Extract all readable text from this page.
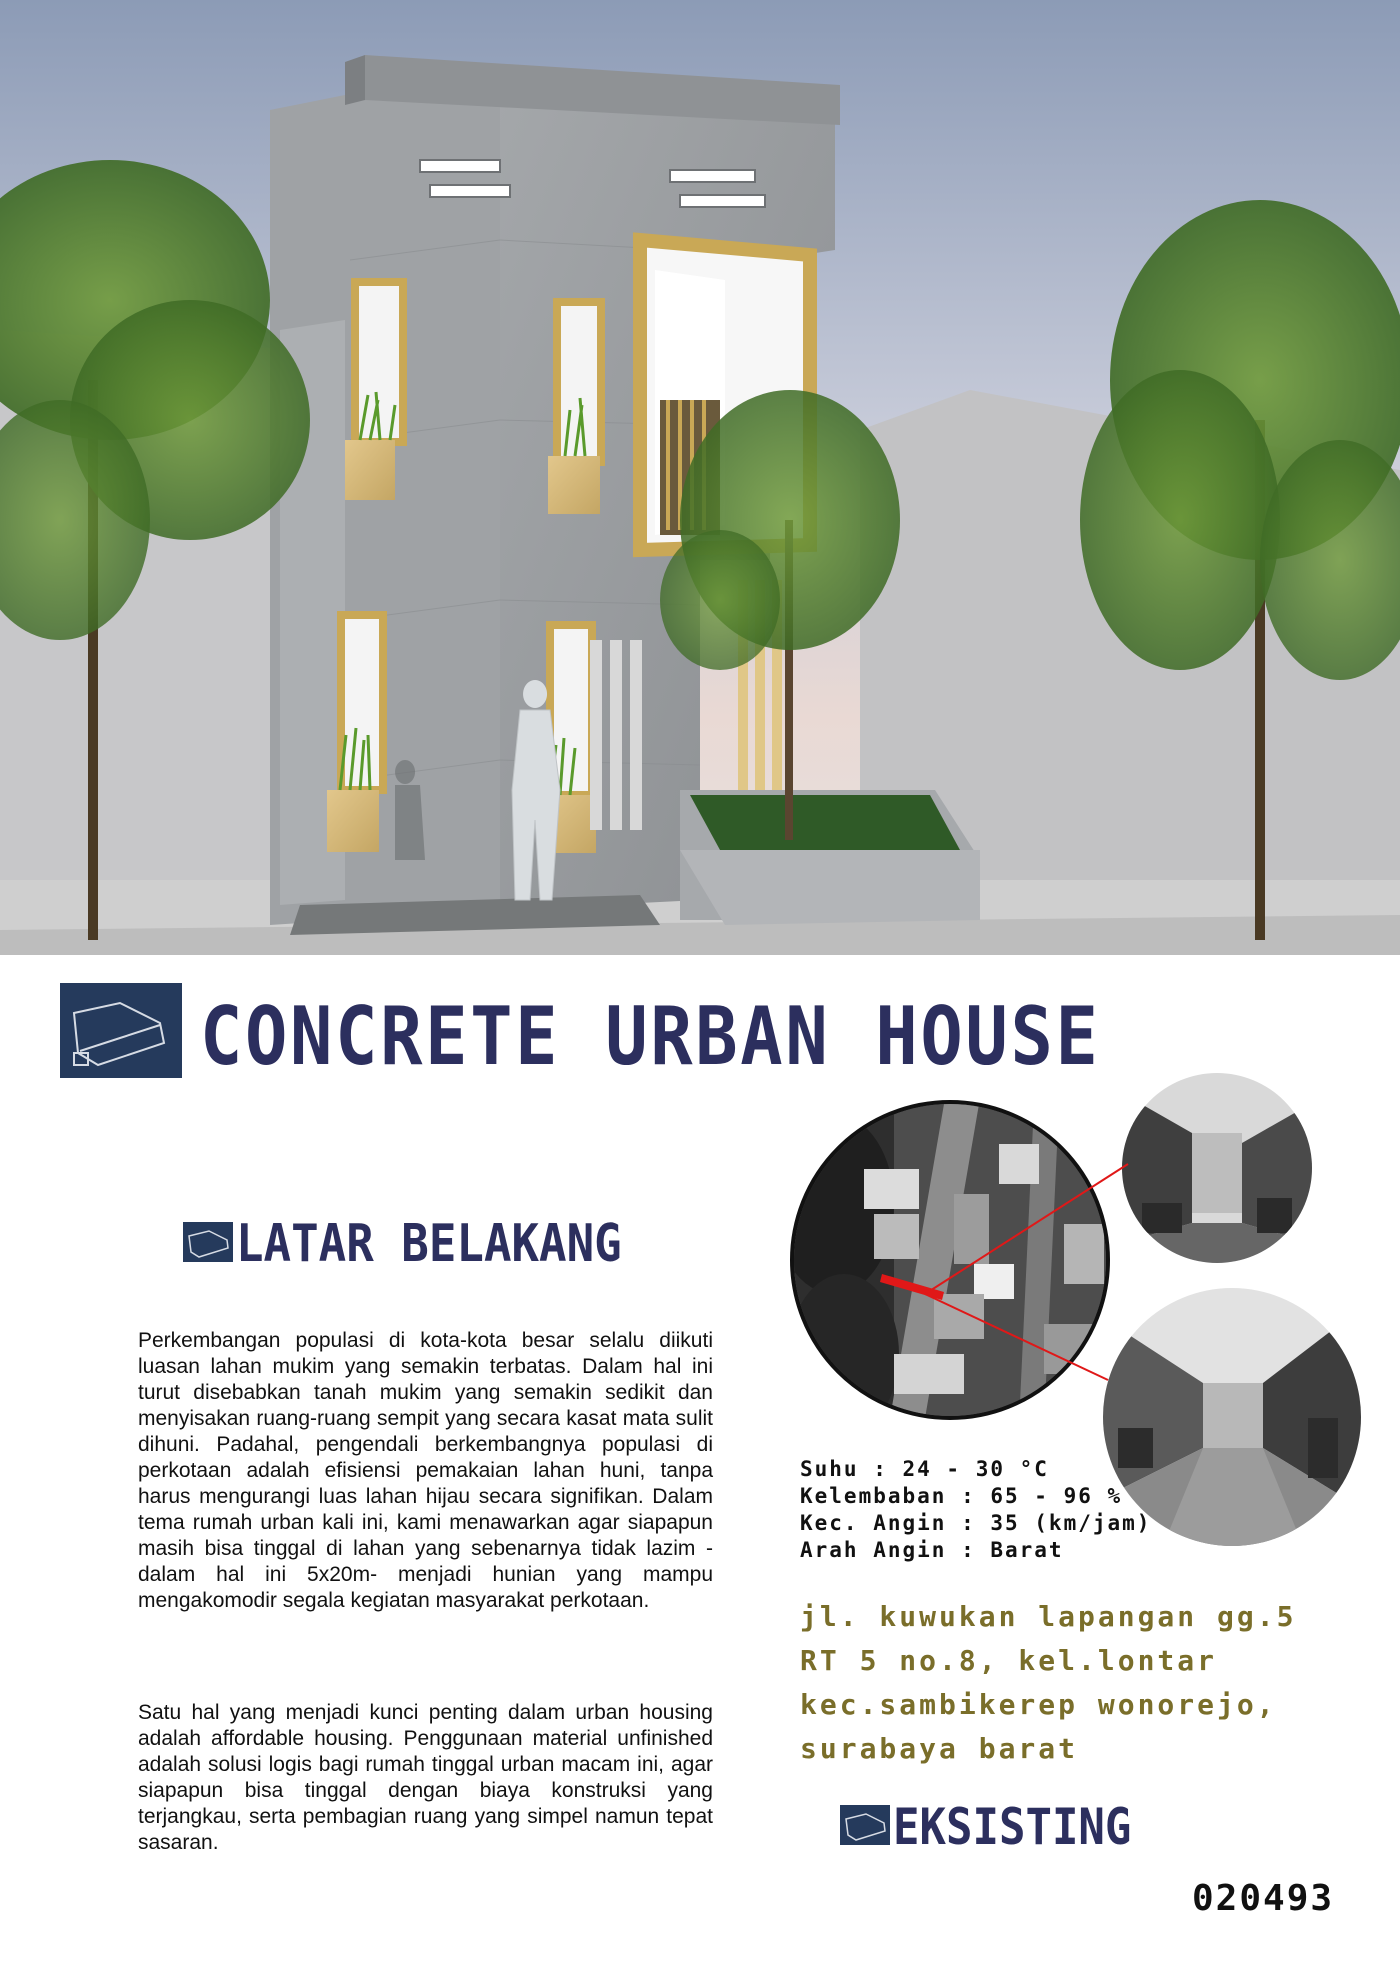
CONCRETE URBAN HOUSE
LATAR BELAKANG

Perkembangan populasi di kota-kota besar selalu diikuti luasan lahan mukim yang semakin terbatas. Dalam hal ini turut disebabkan tanah mukim yang semakin sedikit dan menyisakan ruang-ruang sempit yang secara kasat mata sulit dihuni. Padahal, pengendali berkembangnya populasi di perkotaan adalah efisiensi pemakaian lahan huni, tanpa harus mengurangi luas lahan hijau secara signifikan. Dalam tema rumah urban kali ini, kami menawarkan agar siapapun masih bisa tinggal di lahan yang sebenarnya tidak lazim - dalam hal ini 5x20m- menjadi hunian yang mampu mengakomodir segala kegiatan masyarakat perkotaan.

Satu hal yang menjadi kunci penting dalam urban housing adalah affordable housing. Penggunaan material unfinished adalah solusi logis bagi rumah tinggal urban macam ini, agar siapapun bisa tinggal dengan biaya konstruksi yang terjangkau, serta pembagian ruang yang simpel namun tepat sasaran.

Suhu : 24 - 30 °C
Kelembaban : 65 - 96 %
Kec. Angin : 35 (km/jam)
Arah Angin : Barat
jl. kuwukan lapangan gg.5
RT 5 no.8, kel.lontar
kec.sambikerep wonorejo,
surabaya barat
EKSISTING
020493
